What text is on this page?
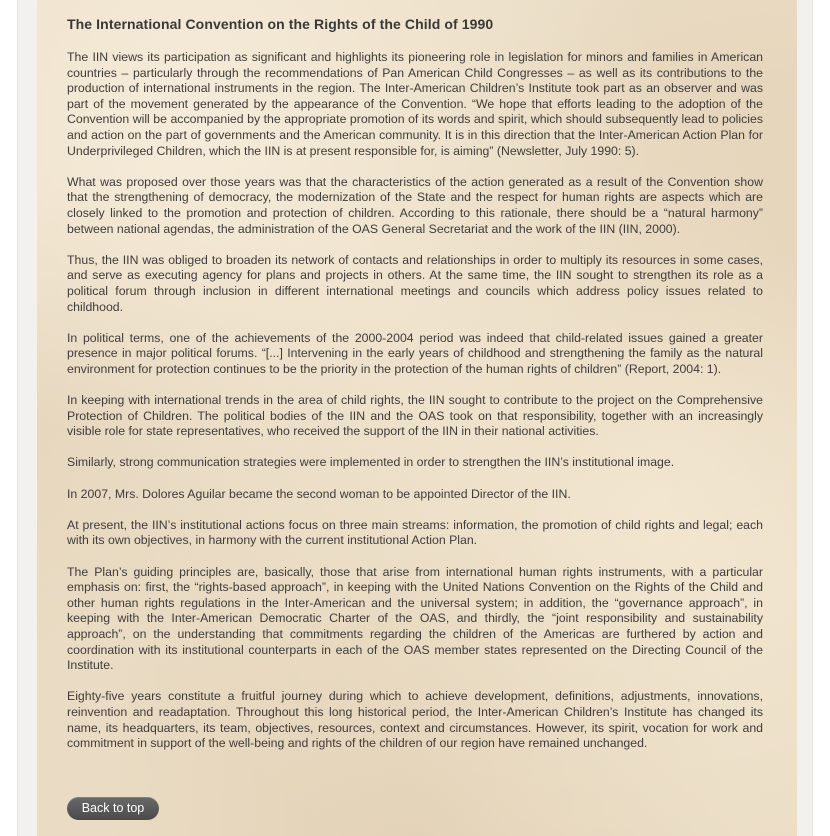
The International Convention on the Rights of the Child of 1990

The IIN views its participation as significant and highlights its pioneering role in legislation for minors and families in American countries – particularly through the recommendations of Pan American Child Congresses – as well as its contributions to the production of international instruments in the region. The Inter-American Children’s Institute took part as an observer and was part of the movement generated by the appearance of the Convention. “We hope that efforts leading to the adoption of the Convention will be accompanied by the appropriate promotion of its words and spirit, which should subsequently lead to policies and action on the part of governments and the American community. It is in this direction that the Inter-American Action Plan for Underprivileged Children, which the IIN is at present responsible for, is aiming” (Newsletter, July 1990: 5).

What was proposed over those years was that the characteristics of the action generated as a result of the Convention show that the strengthening of democracy, the modernization of the State and the respect for human rights are aspects which are closely linked to the promotion and protection of children. According to this rationale, there should be a “natural harmony” between national agendas, the administration of the OAS General Secretariat and the work of the IIN (IIN, 2000).

Thus, the IIN was obliged to broaden its network of contacts and relationships in order to multiply its resources in some cases, and serve as executing agency for plans and projects in others. At the same time, the IIN sought to strengthen its role as a political forum through inclusion in different international meetings and councils which address policy issues related to childhood.

In political terms, one of the achievements of the 2000-2004 period was indeed that child-related issues gained a greater presence in major political forums. “[...] Intervening in the early years of childhood and strengthening the family as the natural environment for protection continues to be the priority in the protection of the human rights of children” (Report, 2004: 1).

In keeping with international trends in the area of child rights, the IIN sought to contribute to the project on the Comprehensive Protection of Children. The political bodies of the IIN and the OAS took on that responsibility, together with an increasingly visible role for state representatives, who received the support of the IIN in their national activities.

Similarly, strong communication strategies were implemented in order to strengthen the IIN’s institutional image.

In 2007, Mrs. Dolores Aguilar became the second woman to be appointed Director of the IIN.

At present, the IIN’s institutional actions focus on three main streams: information, the promotion of child rights and legal; each with its own objectives, in harmony with the current institutional Action Plan.

The Plan’s guiding principles are, basically, those that arise from international human rights instruments, with a particular emphasis on: first, the “rights-based approach”, in keeping with the United Nations Convention on the Rights of the Child and other human rights regulations in the Inter-American and the universal system; in addition, the “governance approach”, in keeping with the Inter-American Democratic Charter of the OAS, and thirdly, the “joint responsibility and sustainability approach”, on the understanding that commitments regarding the children of the Americas are furthered by action and coordination with its institutional counterparts in each of the OAS member states represented on the Directing Council of the Institute.

Eighty-five years constitute a fruitful journey during which to achieve development, definitions, adjustments, innovations, reinvention and readaptation. Throughout this long historical period, the Inter-American Children’s Institute has changed its name, its headquarters, its team, objectives, resources, context and circumstances. However, its spirit, vocation for work and commitment in support of the well-being and rights of the children of our region have remained unchanged.

Back to top
